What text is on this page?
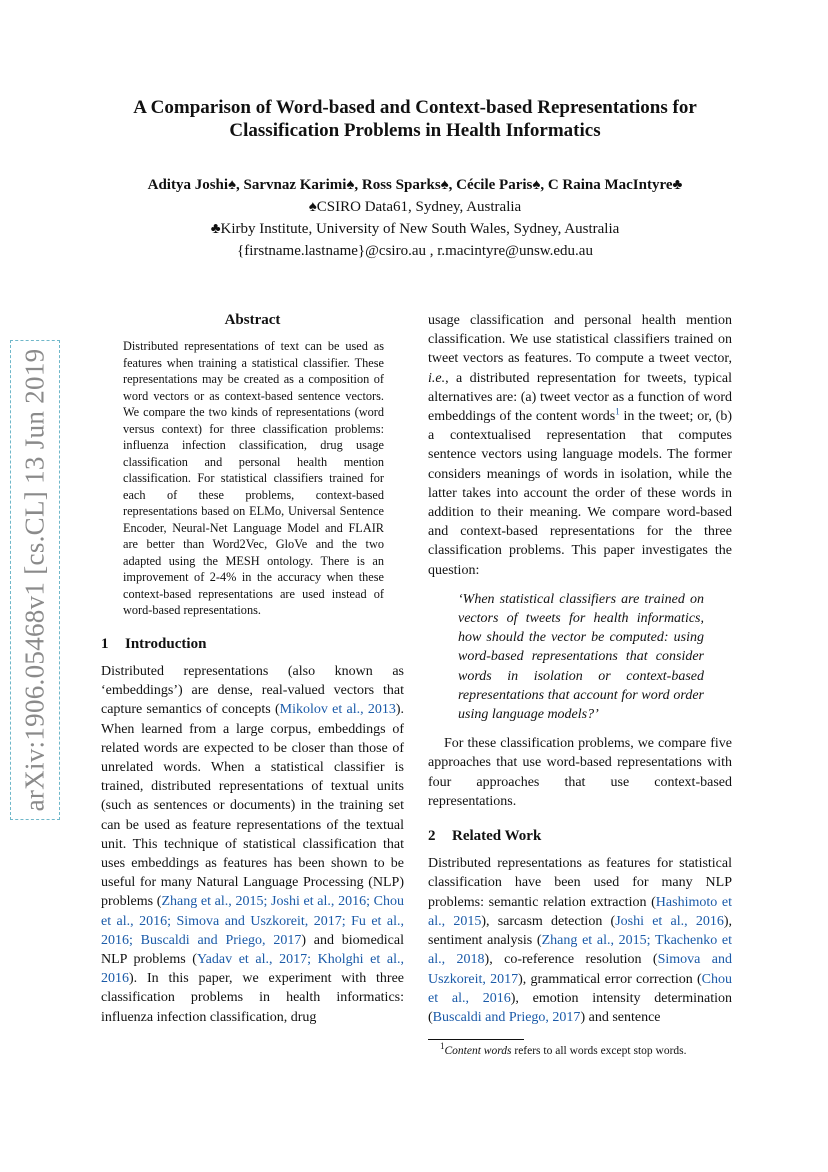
arXiv:1906.05468v1 [cs.CL] 13 Jun 2019
A Comparison of Word-based and Context-based Representations for Classification Problems in Health Informatics
Aditya Joshi♠, Sarvnaz Karimi♠, Ross Sparks♠, Cécile Paris♠, C Raina MacIntyre♣
♠CSIRO Data61, Sydney, Australia
♣Kirby Institute, University of New South Wales, Sydney, Australia
{firstname.lastname}@csiro.au , r.macintyre@unsw.edu.au
Abstract

Distributed representations of text can be used as features when training a statistical classifier. These representations may be created as a composition of word vectors or as context-based sentence vectors. We compare the two kinds of representations (word versus context) for three classification problems: influenza infection classification, drug usage classification and personal health mention classification. For statistical classifiers trained for each of these problems, context-based representations based on ELMo, Universal Sentence Encoder, Neural-Net Language Model and FLAIR are better than Word2Vec, GloVe and the two adapted using the MESH ontology. There is an improvement of 2-4% in the accuracy when these context-based representations are used instead of word-based representations.

1 Introduction

Distributed representations (also known as ‘embeddings’) are dense, real-valued vectors that capture semantics of concepts (Mikolov et al., 2013). When learned from a large corpus, embeddings of related words are expected to be closer than those of unrelated words. When a statistical classifier is trained, distributed representations of textual units (such as sentences or documents) in the training set can be used as feature representations of the textual unit. This technique of statistical classification that uses embeddings as features has been shown to be useful for many Natural Language Processing (NLP) problems (Zhang et al., 2015; Joshi et al., 2016; Chou et al., 2016; Simova and Uszkoreit, 2017; Fu et al., 2016; Buscaldi and Priego, 2017) and biomedical NLP problems (Yadav et al., 2017; Kholghi et al., 2016). In this paper, we experiment with three classification problems in health informatics: influenza infection classification, drug

usage classification and personal health mention classification. We use statistical classifiers trained on tweet vectors as features. To compute a tweet vector, i.e., a distributed representation for tweets, typical alternatives are: (a) tweet vector as a function of word embeddings of the content words$^1$ in the tweet; or, (b) a contextualised representation that computes sentence vectors using language models. The former considers meanings of words in isolation, while the latter takes into account the order of these words in addition to their meaning. We compare word-based and context-based representations for the three classification problems. This paper investigates the question:

‘When statistical classifiers are trained on vectors of tweets for health informatics, how should the vector be computed: using word-based representations that consider words in isolation or context-based representations that account for word order using language models?’

For these classification problems, we compare five approaches that use word-based representations with four approaches that use context-based representations.

2 Related Work

Distributed representations as features for statistical classification have been used for many NLP problems: semantic relation extraction (Hashimoto et al., 2015), sarcasm detection (Joshi et al., 2016), sentiment analysis (Zhang et al., 2015; Tkachenko et al., 2018), co-reference resolution (Simova and Uszkoreit, 2017), grammatical error correction (Chou et al., 2016), emotion intensity determination (Buscaldi and Priego, 2017) and sentence

$^1$Content words refers to all words except stop words.
